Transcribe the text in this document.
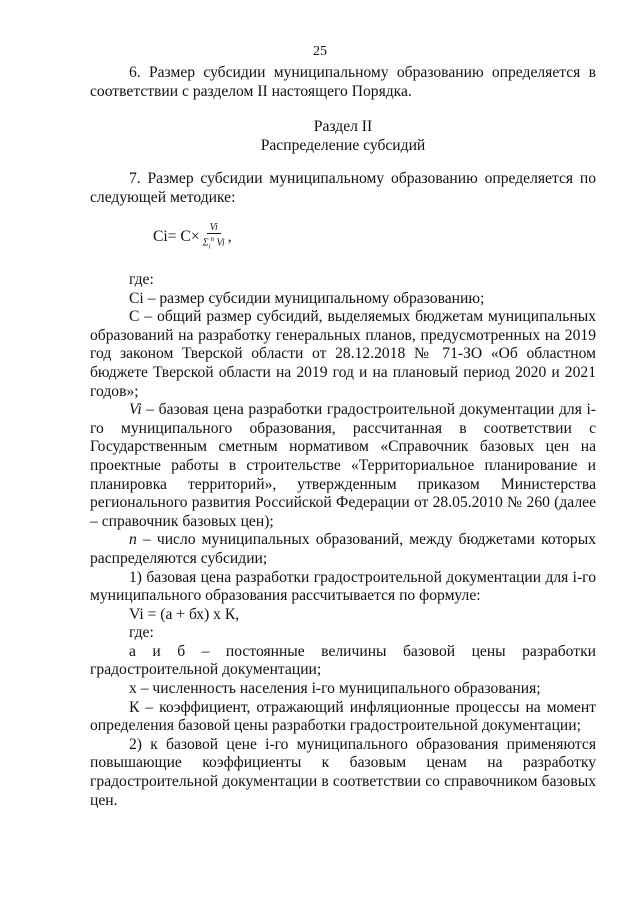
25

6. Размер субсидии муниципальному образованию определяется в соответствии с разделом II настоящего Порядка.

Раздел II

Распределение субсидий

7. Размер субсидии муниципальному образованию определяется по следующей методике:

$Ci= C\times \frac{Vi}{\Sigma_i^n Vi}$ ,

где:

Ci – размер субсидии муниципальному образованию;

С – общий размер субсидий, выделяемых бюджетам муниципальных образований на разработку генеральных планов, предусмотренных на 2019 год законом Тверской области от 28.12.2018 № 71-ЗО «Об областном бюджете Тверской области на 2019 год и на плановый период 2020 и 2021 годов»;

Vi – базовая цена разработки градостроительной документации для i-го муниципального образования, рассчитанная в соответствии с Государственным сметным нормативом «Справочник базовых цен на проектные работы в строительстве «Территориальное планирование и планировка территорий», утвержденным приказом Министерства регионального развития Российской Федерации от 28.05.2010 № 260 (далее – справочник базовых цен);

n – число муниципальных образований, между бюджетами которых распределяются субсидии;

1) базовая цена разработки градостроительной документации для i-го муниципального образования рассчитывается по формуле:

Vi = (а + бх) x К,

где:

а и б – постоянные величины базовой цены разработки градостроительной документации;

х – численность населения i-го муниципального образования;

К – коэффициент, отражающий инфляционные процессы на момент определения базовой цены разработки градостроительной документации;

2) к базовой цене i-го муниципального образования применяются повышающие коэффициенты к базовым ценам на разработку градостроительной документации в соответствии со справочником базовых цен.
